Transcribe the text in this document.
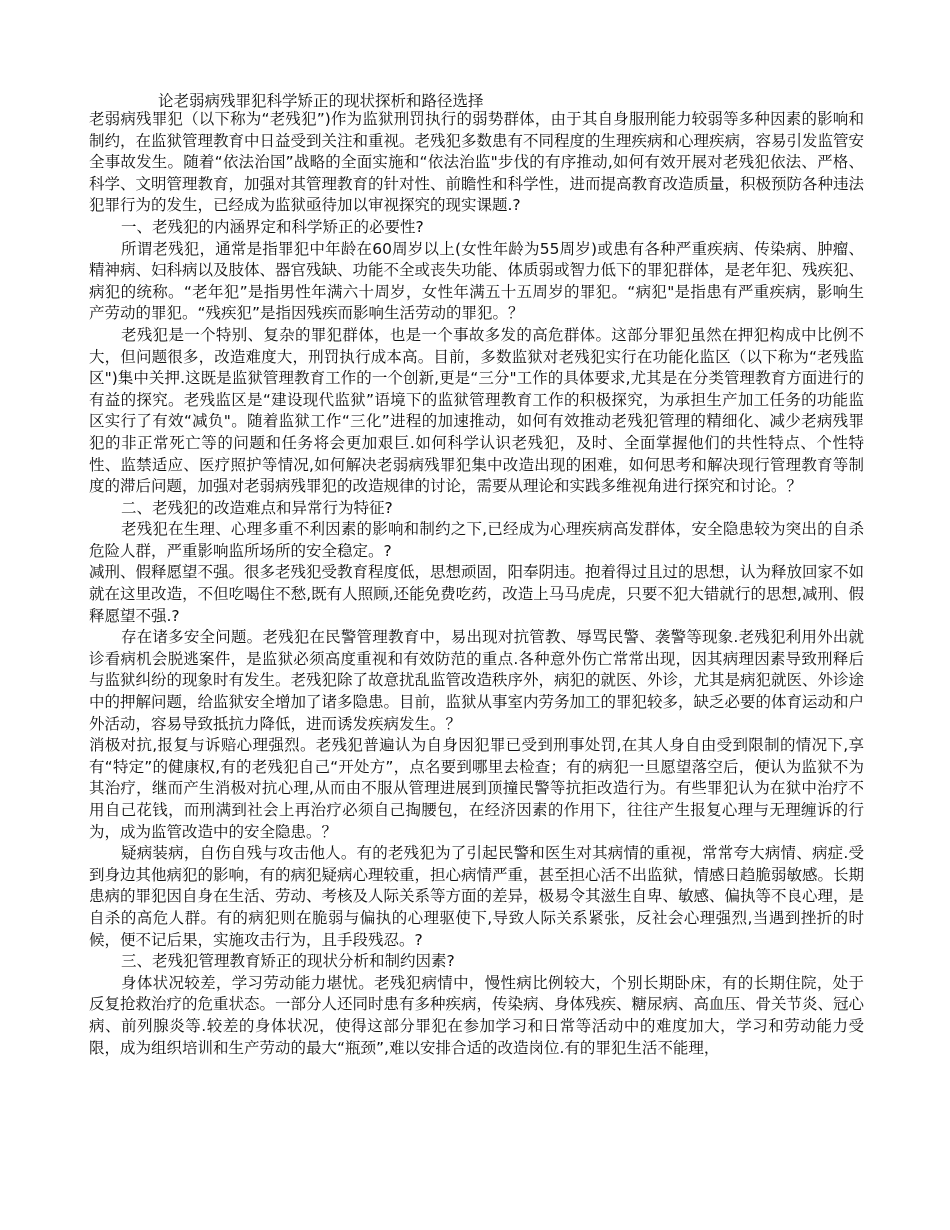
论老弱病残罪犯科学矫正的现状探析和路径选择

老弱病残罪犯（以下称为“老残犯”)作为监狱刑罚执行的弱势群体，由于其自身服刑能力较弱等多种因素的影响和制约，在监狱管理教育中日益受到关注和重视。老残犯多数患有不同程度的生理疾病和心理疾病，容易引发监管安全事故发生。随着“依法治国”战略的全面实施和“依法治监"步伐的有序推动,如何有效开展对老残犯依法、严格、科学、文明管理教育，加强对其管理教育的针对性、前瞻性和科学性，进而提高教育改造质量，积极预防各种违法犯罪行为的发生，已经成为监狱亟待加以审视探究的现实课题.?

一、老残犯的内涵界定和科学矫正的必要性?

所谓老残犯，通常是指罪犯中年龄在60周岁以上(女性年龄为55周岁)或患有各种严重疾病、传染病、肿瘤、精神病、妇科病以及肢体、器官残缺、功能不全或丧失功能、体质弱或智力低下的罪犯群体，是老年犯、残疾犯、病犯的统称。“老年犯”是指男性年满六十周岁，女性年满五十五周岁的罪犯。“病犯"是指患有严重疾病，影响生产劳动的罪犯。“残疾犯”是指因残疾而影响生活劳动的罪犯。？

老残犯是一个特别、复杂的罪犯群体，也是一个事故多发的高危群体。这部分罪犯虽然在押犯构成中比例不大，但问题很多，改造难度大，刑罚执行成本高。目前，多数监狱对老残犯实行在功能化监区（以下称为“老残监区")集中关押.这既是监狱管理教育工作的一个创新,更是“三分"工作的具体要求,尤其是在分类管理教育方面进行的有益的探究。老残监区是“建设现代监狱”语境下的监狱管理教育工作的积极探究，为承担生产加工任务的功能监区实行了有效“减负"。随着监狱工作“三化”进程的加速推动，如何有效推动老残犯管理的精细化、减少老病残罪犯的非正常死亡等的问题和任务将会更加艰巨.如何科学认识老残犯，及时、全面掌握他们的共性特点、个性特性、监禁适应、医疗照护等情况,如何解决老弱病残罪犯集中改造出现的困难，如何思考和解决现行管理教育等制度的滞后问题，加强对老弱病残罪犯的改造规律的讨论，需要从理论和实践多维视角进行探究和讨论。？

二、老残犯的改造难点和异常行为特征?

老残犯在生理、心理多重不利因素的影响和制约之下,已经成为心理疾病高发群体，安全隐患较为突出的自杀危险人群，严重影响监所场所的安全稳定。?

减刑、假释愿望不强。很多老残犯受教育程度低，思想顽固，阳奉阴违。抱着得过且过的思想，认为释放回家不如就在这里改造，不但吃喝住不愁,既有人照顾,还能免费吃药，改造上马马虎虎，只要不犯大错就行的思想,减刑、假释愿望不强.?

存在诸多安全问题。老残犯在民警管理教育中，易出现对抗管教、辱骂民警、袭警等现象.老残犯利用外出就诊看病机会脱逃案件，是监狱必须高度重视和有效防范的重点.各种意外伤亡常常出现，因其病理因素导致刑释后与监狱纠纷的现象时有发生。老残犯除了故意扰乱监管改造秩序外，病犯的就医、外诊，尤其是病犯就医、外诊途中的押解问题，给监狱安全增加了诸多隐患。目前，监狱从事室内劳务加工的罪犯较多，缺乏必要的体育运动和户外活动，容易导致抵抗力降低，进而诱发疾病发生。？

消极对抗,报复与诉赔心理强烈。老残犯普遍认为自身因犯罪已受到刑事处罚,在其人身自由受到限制的情况下,享有“特定”的健康权,有的老残犯自己“开处方”，点名要到哪里去检查；有的病犯一旦愿望落空后，便认为监狱不为其治疗，继而产生消极对抗心理,从而由不服从管理进展到顶撞民警等抗拒改造行为。有些罪犯认为在狱中治疗不用自己花钱，而刑满到社会上再治疗必须自己掏腰包，在经济因素的作用下，往往产生报复心理与无理缠诉的行为，成为监管改造中的安全隐患。？

疑病装病，自伤自残与攻击他人。有的老残犯为了引起民警和医生对其病情的重视，常常夸大病情、病症.受到身边其他病犯的影响，有的病犯疑病心理较重，担心病情严重，甚至担心活不出监狱，情感日趋脆弱敏感。长期患病的罪犯因自身在生活、劳动、考核及人际关系等方面的差异，极易令其滋生自卑、敏感、偏执等不良心理，是自杀的高危人群。有的病犯则在脆弱与偏执的心理驱使下,导致人际关系紧张，反社会心理强烈,当遇到挫折的时候，便不记后果，实施攻击行为，且手段残忍。?

三、老残犯管理教育矫正的现状分析和制约因素?

身体状况较差，学习劳动能力堪忧。老残犯病情中，慢性病比例较大，个别长期卧床，有的长期住院，处于反复抢救治疗的危重状态。一部分人还同时患有多种疾病，传染病、身体残疾、糖尿病、高血压、骨关节炎、冠心病、前列腺炎等.较差的身体状况，使得这部分罪犯在参加学习和日常等活动中的难度加大，学习和劳动能力受限，成为组织培训和生产劳动的最大“瓶颈”,难以安排合适的改造岗位.有的罪犯生活不能理，
